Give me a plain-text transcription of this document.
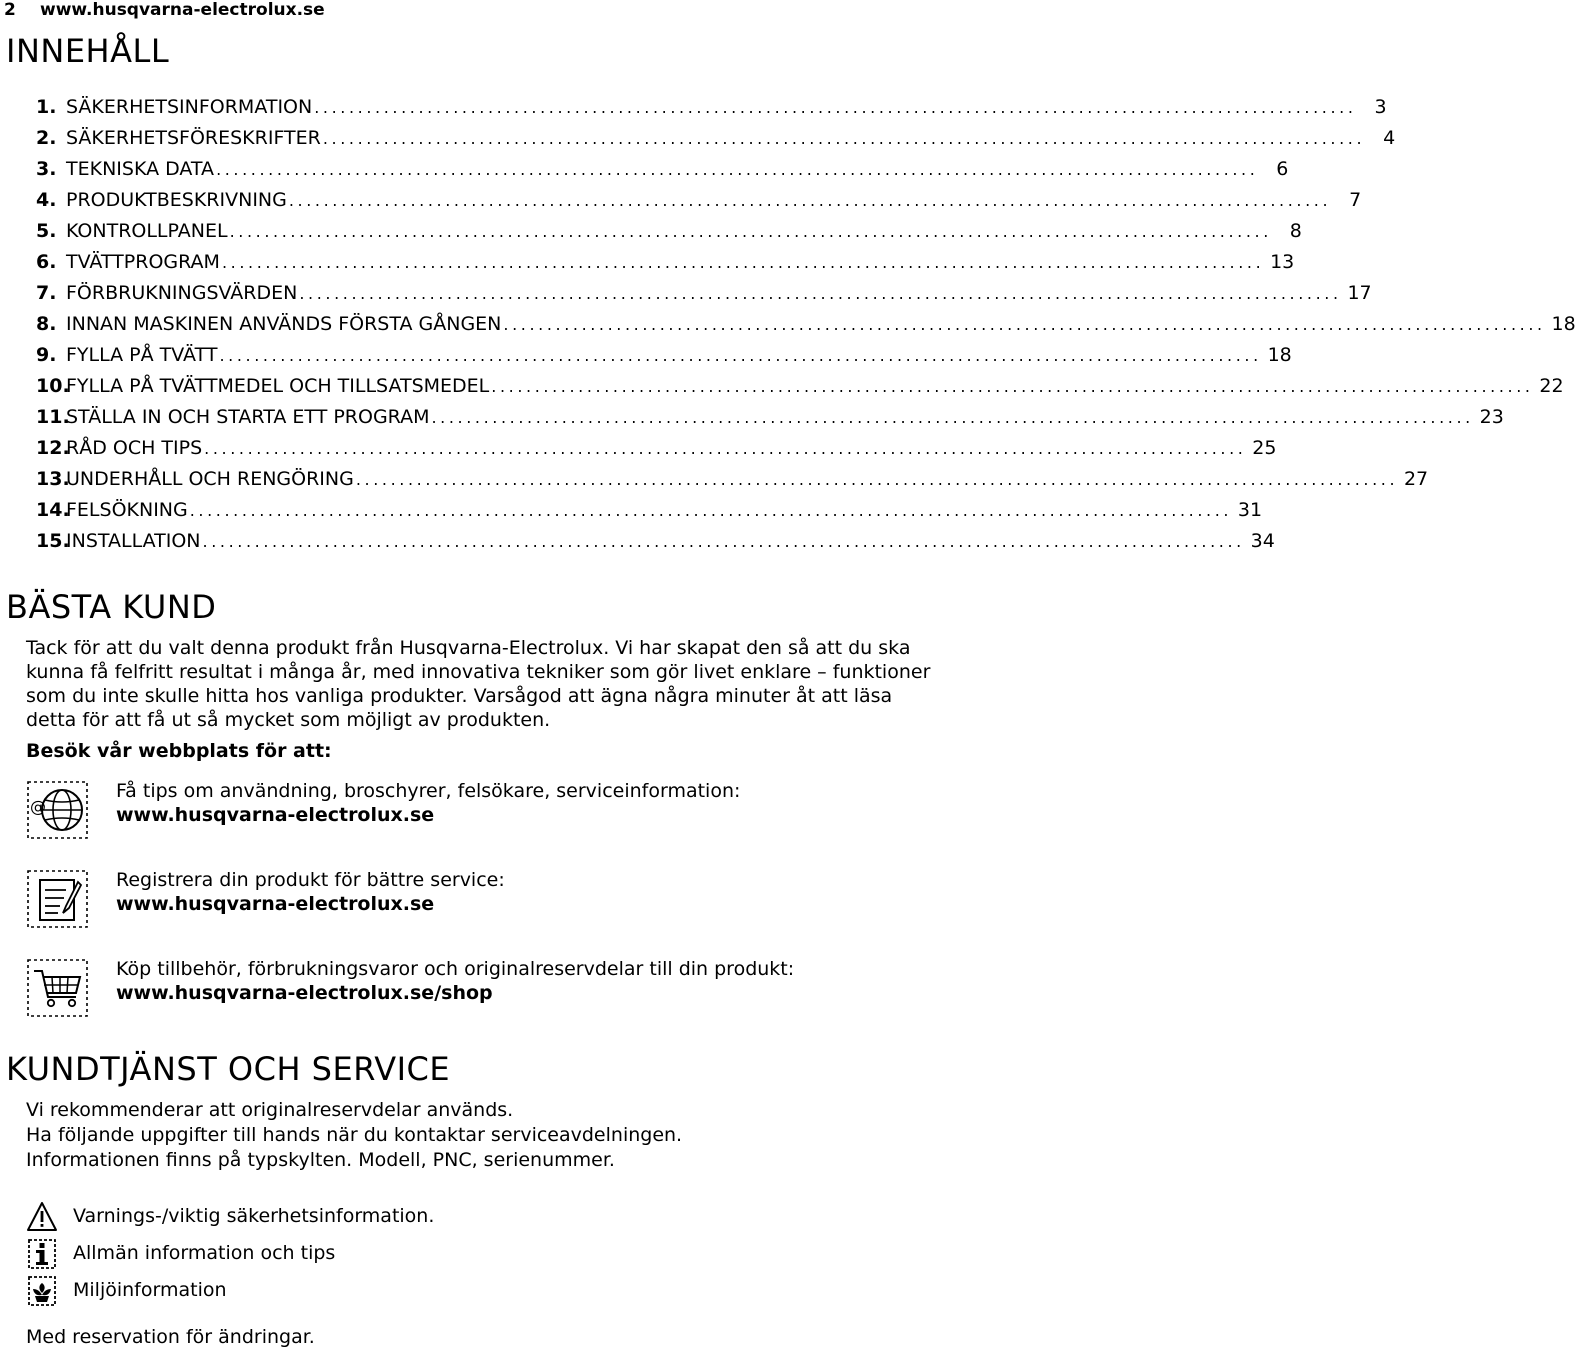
2 www.husqvarna-electrolux.se
INNEHÅLL
1. SÄKERHETSINFORMATION ........................................................................................................................ 3
2. SÄKERHETSFÖRESKRIFTER ........................................................................................................................ 4
3. TEKNISKA DATA ........................................................................................................................ 6
4. PRODUKTBESKRIVNING ........................................................................................................................ 7
5. KONTROLLPANEL ........................................................................................................................ 8
6. TVÄTTPROGRAM ........................................................................................................................ 13
7. FÖRBRUKNINGSVÄRDEN ........................................................................................................................ 17
8. INNAN MASKINEN ANVÄNDS FÖRSTA GÅNGEN ........................................................................................................................ 18
9. FYLLA PÅ TVÄTT ........................................................................................................................ 18
10.
FYLLA PÅ TVÄTTMEDEL OCH TILLSATSMEDEL ........................................................................................................................ 22
11.
STÄLLA IN OCH STARTA ETT PROGRAM ........................................................................................................................ 23
12.
RÅD OCH TIPS ........................................................................................................................ 25
13.
UNDERHÅLL OCH RENGÖRING ........................................................................................................................ 27
14.
FELSÖKNING ........................................................................................................................ 31
15.
INSTALLATION ........................................................................................................................ 34
BÄSTA KUND
Tack för att du valt denna produkt från Husqvarna-Electrolux. Vi har skapat den så att du ska
kunna få felfritt resultat i många år, med innovativa tekniker som gör livet enklare – funktioner
som du inte skulle hitta hos vanliga produkter. Varsågod att ägna några minuter åt att läsa
detta för att få ut så mycket som möjligt av produkten.
Besök vår webbplats för att:
@
Få tips om användning, broschyrer, felsökare, serviceinformation:
www.husqvarna-electrolux.se
Registrera din produkt för bättre service:
www.husqvarna-electrolux.se
Köp tillbehör, förbrukningsvaror och originalreservdelar till din produkt:
www.husqvarna-electrolux.se/shop
KUNDTJÄNST OCH SERVICE
Vi rekommenderar att originalreservdelar används.
Ha följande uppgifter till hands när du kontaktar serviceavdelningen.
Informationen finns på typskylten. Modell, PNC, serienummer.
Varnings-/viktig säkerhetsinformation.
Allmän information och tips
Miljöinformation
Med reservation för ändringar.
